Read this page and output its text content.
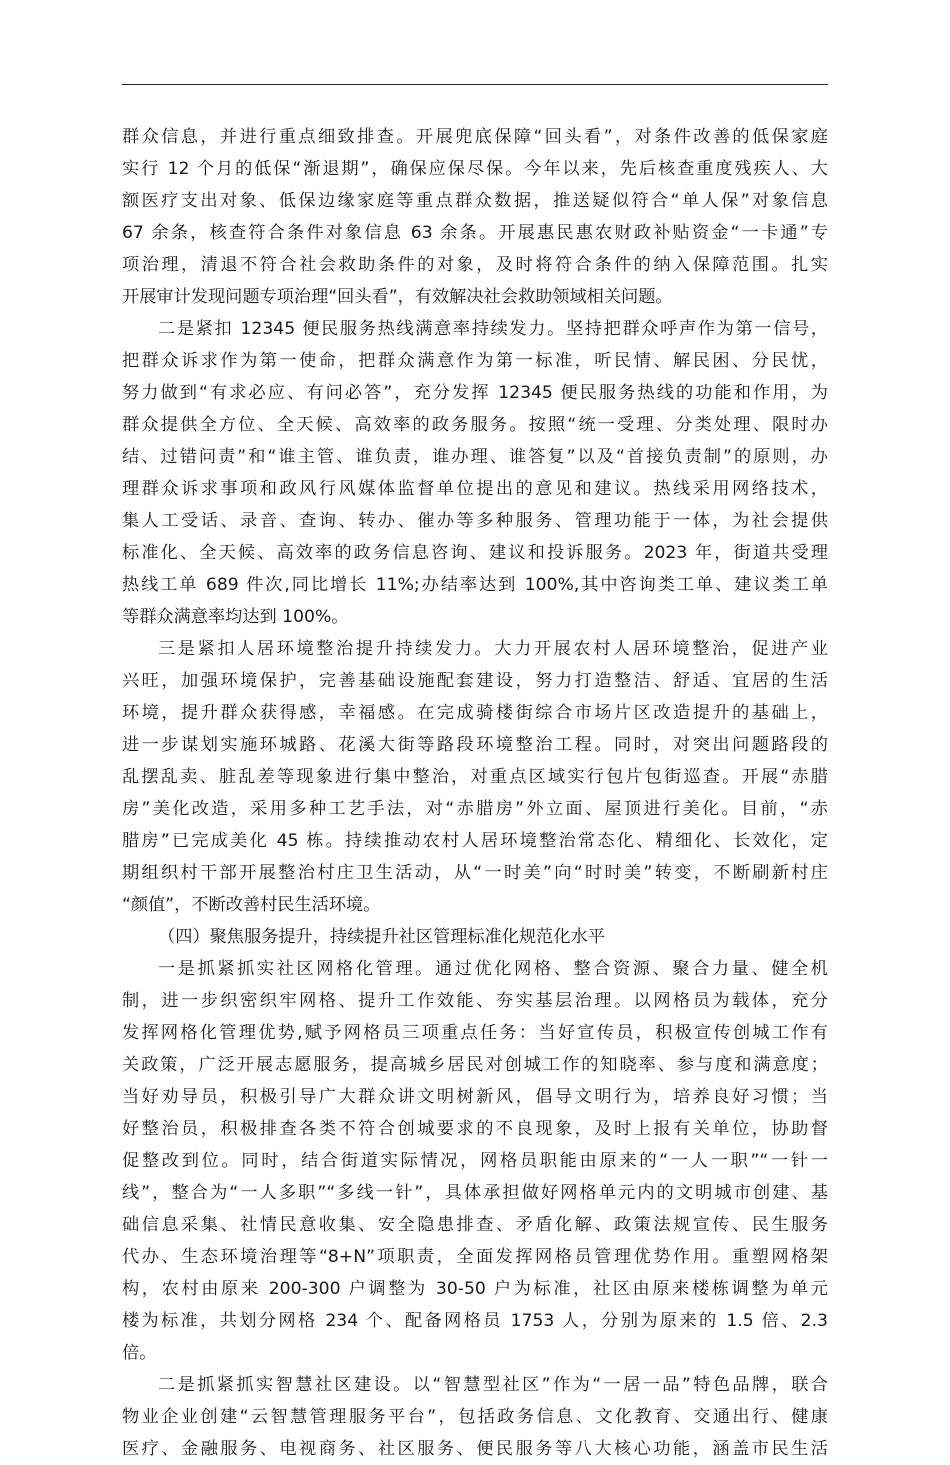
群众信息，并进行重点细致排查。开展兜底保障“回头看”，对条件改善的低保家庭
实行 12 个月的低保“渐退期”，确保应保尽保。今年以来，先后核查重度残疾人、大
额医疗支出对象、低保边缘家庭等重点群众数据，推送疑似符合“单人保”对象信息
67 余条，核查符合条件对象信息 63 余条。开展惠民惠农财政补贴资金“一卡通”专
项治理，清退不符合社会救助条件的对象，及时将符合条件的纳入保障范围。扎实
开展审计发现问题专项治理“回头看”，有效解决社会救助领域相关问题。
二是紧扣 12345 便民服务热线满意率持续发力。坚持把群众呼声作为第一信号，
把群众诉求作为第一使命，把群众满意作为第一标准，听民情、解民困、分民忧，
努力做到“有求必应、有问必答”，充分发挥 12345 便民服务热线的功能和作用，为
群众提供全方位、全天候、高效率的政务服务。按照“统一受理、分类处理、限时办
结、过错问责”和“谁主管、谁负责，谁办理、谁答复”以及“首接负责制”的原则，办
理群众诉求事项和政风行风媒体监督单位提出的意见和建议。热线采用网络技术，
集人工受话、录音、查询、转办、催办等多种服务、管理功能于一体，为社会提供
标准化、全天候、高效率的政务信息咨询、建议和投诉服务。2023 年，街道共受理
热线工单 689 件次,同比增长 11%;办结率达到 100%,其中咨询类工单、建议类工单
等群众满意率均达到 100%。
三是紧扣人居环境整治提升持续发力。大力开展农村人居环境整治，促进产业
兴旺，加强环境保护，完善基础设施配套建设，努力打造整洁、舒适、宜居的生活
环境，提升群众获得感，幸福感。在完成骑楼街综合市场片区改造提升的基础上，
进一步谋划实施环城路、花溪大街等路段环境整治工程。同时，对突出问题路段的
乱摆乱卖、脏乱差等现象进行集中整治，对重点区域实行包片包街巡查。开展“赤腊
房”美化改造，采用多种工艺手法，对“赤腊房”外立面、屋顶进行美化。目前，“赤
腊房”已完成美化 45 栋。持续推动农村人居环境整治常态化、精细化、长效化，定
期组织村干部开展整治村庄卫生活动，从“一时美”向“时时美”转变，不断刷新村庄
“颜值”，不断改善村民生活环境。
（四）聚焦服务提升，持续提升社区管理标准化规范化水平
一是抓紧抓实社区网格化管理。通过优化网格、整合资源、聚合力量、健全机
制，进一步织密织牢网格、提升工作效能、夯实基层治理。以网格员为载体，充分
发挥网格化管理优势,赋予网格员三项重点任务：当好宣传员，积极宣传创城工作有
关政策，广泛开展志愿服务，提高城乡居民对创城工作的知晓率、参与度和满意度；
当好劝导员，积极引导广大群众讲文明树新风，倡导文明行为，培养良好习惯；当
好整治员，积极排查各类不符合创城要求的不良现象，及时上报有关单位，协助督
促整改到位。同时，结合街道实际情况，网格员职能由原来的“一人一职”“一针一
线”，整合为“一人多职”“多线一针”，具体承担做好网格单元内的文明城市创建、基
础信息采集、社情民意收集、安全隐患排查、矛盾化解、政策法规宣传、民生服务
代办、生态环境治理等“8+N”项职责，全面发挥网格员管理优势作用。重塑网格架
构，农村由原来 200-300 户调整为 30-50 户为标准，社区由原来楼栋调整为单元
楼为标准，共划分网格 234 个、配备网格员 1753 人，分别为原来的 1.5 倍、2.3
倍。
二是抓紧抓实智慧社区建设。以“智慧型社区”作为“一居一品”特色品牌，联合
物业企业创建“云智慧管理服务平台”，包括政务信息、文化教育、交通出行、健康
医疗、金融服务、电视商务、社区服务、便民服务等八大核心功能，涵盖市民生活
